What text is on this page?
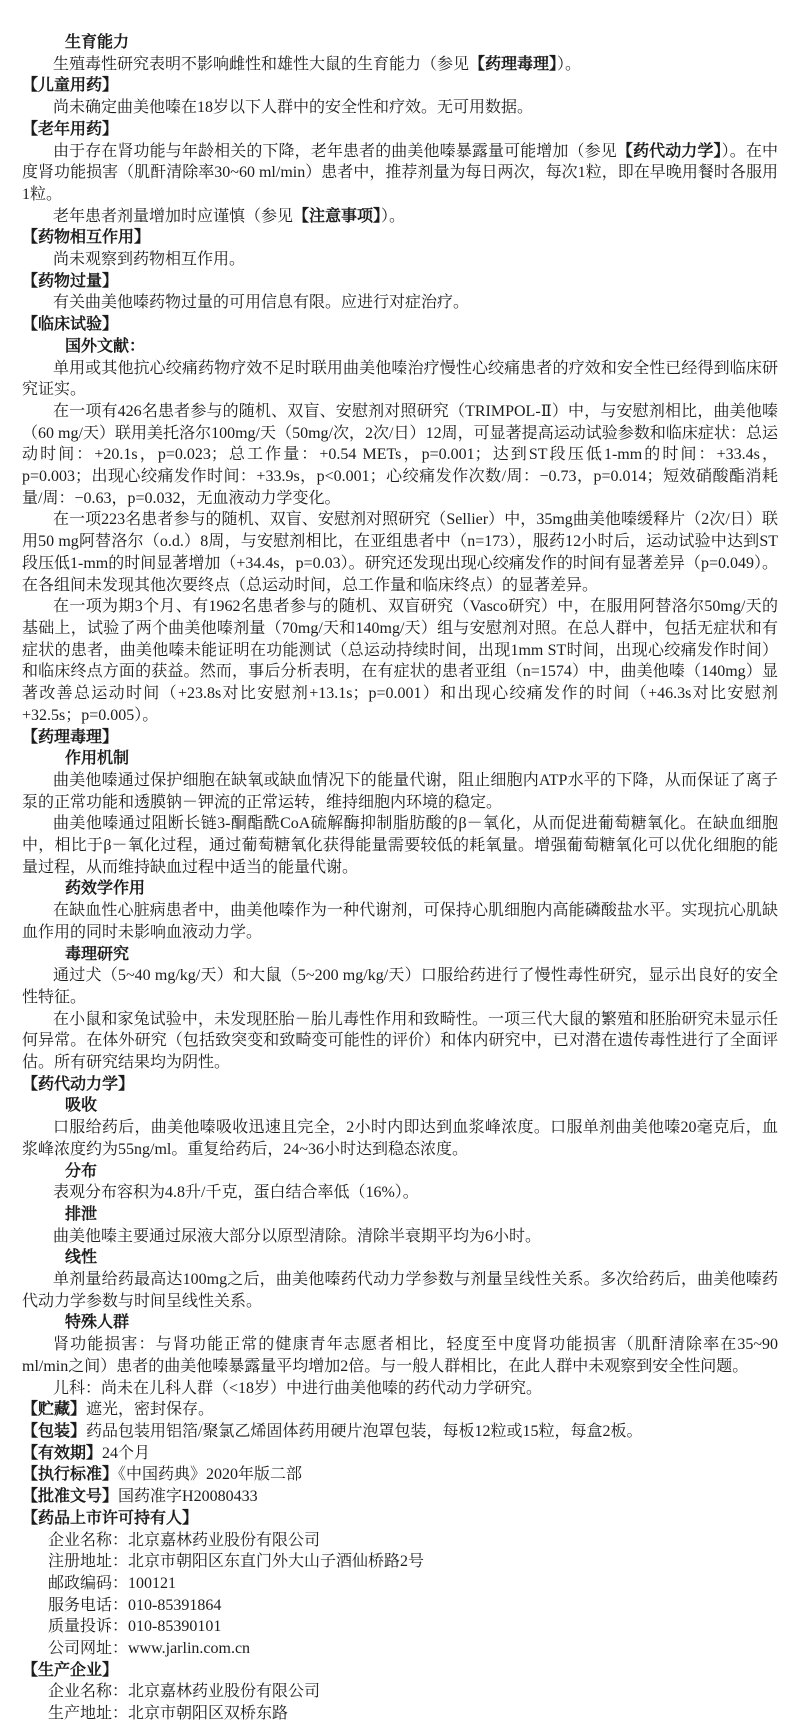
生育能力
生殖毒性研究表明不影响雌性和雄性大鼠的生育能力（参见【药理毒理】）。
【儿童用药】
尚未确定曲美他嗪在18岁以下人群中的安全性和疗效。无可用数据。
【老年用药】
由于存在肾功能与年龄相关的下降，老年患者的曲美他嗪暴露量可能增加（参见【药代动力学】）。在中度肾功能损害（肌酐清除率30~60 ml/min）患者中，推荐剂量为每日两次，每次1粒，即在早晚用餐时各服用1粒。
老年患者剂量增加时应谨慎（参见【注意事项】）。
【药物相互作用】
尚未观察到药物相互作用。
【药物过量】
有关曲美他嗪药物过量的可用信息有限。应进行对症治疗。
【临床试验】
国外文献：
单用或其他抗心绞痛药物疗效不足时联用曲美他嗪治疗慢性心绞痛患者的疗效和安全性已经得到临床研究证实。
在一项有426名患者参与的随机、双盲、安慰剂对照研究（TRIMPOL-Ⅱ）中，与安慰剂相比，曲美他嗪（60 mg/天）联用美托洛尔100mg/天（50mg/次，2次/日）12周，可显著提高运动试验参数和临床症状：总运动时间：+20.1s，p=0.023；总工作量：+0.54 METs，p=0.001；达到ST段压低1-mm的时间：+33.4s，p=0.003；出现心绞痛发作时间：+33.9s，p<0.001；心绞痛发作次数/周：−0.73，p=0.014；短效硝酸酯消耗量/周：−0.63，p=0.032，无血液动力学变化。
在一项223名患者参与的随机、双盲、安慰剂对照研究（Sellier）中，35mg曲美他嗪缓释片（2次/日）联用50 mg阿替洛尔（o.d.）8周，与安慰剂相比，在亚组患者中（n=173），服药12小时后，运动试验中达到ST段压低1-mm的时间显著增加（+34.4s，p=0.03）。研究还发现出现心绞痛发作的时间有显著差异（p=0.049）。在各组间未发现其他次要终点（总运动时间，总工作量和临床终点）的显著差异。
在一项为期3个月、有1962名患者参与的随机、双盲研究（Vasco研究）中，在服用阿替洛尔50mg/天的基础上，试验了两个曲美他嗪剂量（70mg/天和140mg/天）组与安慰剂对照。在总人群中，包括无症状和有症状的患者，曲美他嗪未能证明在功能测试（总运动持续时间，出现1mm ST时间，出现心绞痛发作时间）和临床终点方面的获益。然而，事后分析表明，在有症状的患者亚组（n=1574）中，曲美他嗪（140mg）显著改善总运动时间（+23.8s对比安慰剂+13.1s；p=0.001）和出现心绞痛发作的时间（+46.3s对比安慰剂+32.5s；p=0.005）。
【药理毒理】
作用机制
曲美他嗪通过保护细胞在缺氧或缺血情况下的能量代谢，阻止细胞内ATP水平的下降，从而保证了离子泵的正常功能和透膜钠－钾流的正常运转，维持细胞内环境的稳定。
曲美他嗪通过阻断长链3-酮酯酰CoA硫解酶抑制脂肪酸的β－氧化，从而促进葡萄糖氧化。在缺血细胞中，相比于β－氧化过程，通过葡萄糖氧化获得能量需要较低的耗氧量。增强葡萄糖氧化可以优化细胞的能量过程，从而维持缺血过程中适当的能量代谢。
药效学作用
在缺血性心脏病患者中，曲美他嗪作为一种代谢剂，可保持心肌细胞内高能磷酸盐水平。实现抗心肌缺血作用的同时未影响血液动力学。
毒理研究
通过犬（5~40 mg/kg/天）和大鼠（5~200 mg/kg/天）口服给药进行了慢性毒性研究，显示出良好的安全性特征。
在小鼠和家兔试验中，未发现胚胎－胎儿毒性作用和致畸性。一项三代大鼠的繁殖和胚胎研究未显示任何异常。在体外研究（包括致突变和致畸变可能性的评价）和体内研究中，已对潜在遗传毒性进行了全面评估。所有研究结果均为阴性。
【药代动力学】
吸收
口服给药后，曲美他嗪吸收迅速且完全，2小时内即达到血浆峰浓度。口服单剂曲美他嗪20毫克后，血浆峰浓度约为55ng/ml。重复给药后，24~36小时达到稳态浓度。
分布
表观分布容积为4.8升/千克，蛋白结合率低（16%）。
排泄
曲美他嗪主要通过尿液大部分以原型清除。清除半衰期平均为6小时。
线性
单剂量给药最高达100mg之后，曲美他嗪药代动力学参数与剂量呈线性关系。多次给药后，曲美他嗪药代动力学参数与时间呈线性关系。
特殊人群
肾功能损害：与肾功能正常的健康青年志愿者相比，轻度至中度肾功能损害（肌酐清除率在35~90 ml/min之间）患者的曲美他嗪暴露量平均增加2倍。与一般人群相比，在此人群中未观察到安全性问题。
儿科：尚未在儿科人群（<18岁）中进行曲美他嗪的药代动力学研究。
【贮藏】遮光，密封保存。
【包装】药品包装用铝箔/聚氯乙烯固体药用硬片泡罩包装，每板12粒或15粒，每盒2板。
【有效期】24个月
【执行标准】《中国药典》2020年版二部
【批准文号】国药准字H20080433
【药品上市许可持有人】
企业名称：北京嘉林药业股份有限公司
注册地址：北京市朝阳区东直门外大山子酒仙桥路2号
邮政编码：100121
服务电话：010-85391864
质量投诉：010-85390101
公司网址：www.jarlin.com.cn
【生产企业】
企业名称：北京嘉林药业股份有限公司
生产地址：北京市朝阳区双桥东路
